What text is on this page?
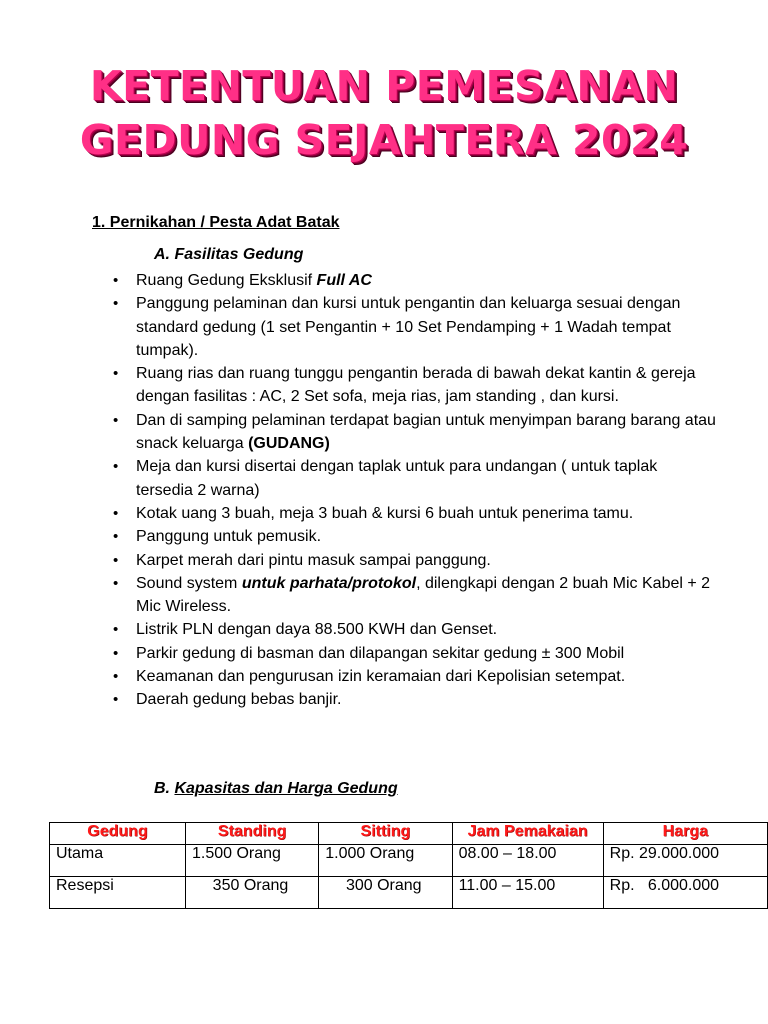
KETENTUAN PEMESANAN
GEDUNG SEJAHTERA 2024
1. Pernikahan / Pesta Adat Batak
A. Fasilitas Gedung
• Ruang Gedung Eksklusif Full AC
• Panggung pelaminan dan kursi untuk pengantin dan keluarga sesuai dengan standard gedung (1 set Pengantin + 10 Set Pendamping + 1 Wadah tempat tumpak).
• Ruang rias dan ruang tunggu pengantin berada di bawah dekat kantin & gereja dengan fasilitas : AC, 2 Set sofa, meja rias, jam standing , dan kursi.
• Dan di samping pelaminan terdapat bagian untuk menyimpan barang barang atau snack keluarga (GUDANG)
• Meja dan kursi disertai dengan taplak untuk para undangan ( untuk taplak tersedia 2 warna)
• Kotak uang 3 buah, meja 3 buah & kursi 6 buah untuk penerima tamu.
• Panggung untuk pemusik.
• Karpet merah dari pintu masuk sampai panggung.
• Sound system untuk parhata/protokol, dilengkapi dengan 2 buah Mic Kabel + 2 Mic Wireless.
• Listrik PLN dengan daya 88.500 KWH dan Genset.
• Parkir gedung di basman dan dilapangan sekitar gedung ± 300 Mobil
• Keamanan dan pengurusan izin keramaian dari Kepolisian setempat.
• Daerah gedung bebas banjir.
B. Kapasitas dan Harga Gedung
Gedung	Standing	Sitting	Jam Pemakaian	Harga
Utama	1.500 Orang	1.000 Orang	08.00 – 18.00	Rp. 29.000.000
Resepsi	350 Orang	300 Orang	11.00 – 15.00	Rp.   6.000.000
